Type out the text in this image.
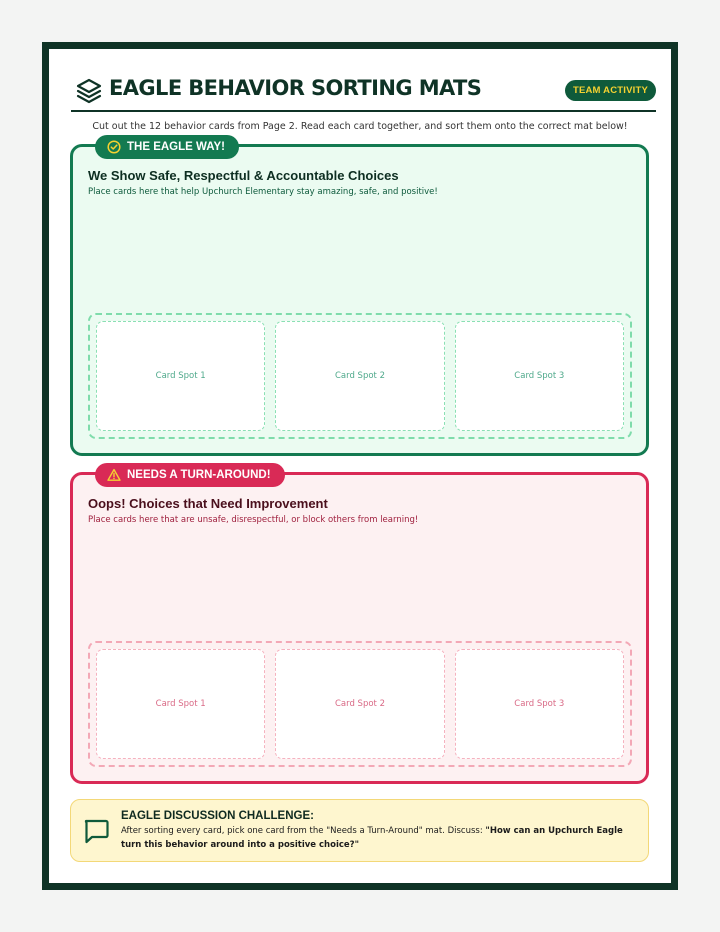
EAGLE BEHAVIOR SORTING MATS	TEAM ACTIVITY
Cut out the 12 behavior cards from Page 2. Read each card together, and sort them onto the correct mat below!
THE EAGLE WAY!
We Show Safe, Respectful & Accountable Choices
Place cards here that help Upchurch Elementary stay amazing, safe, and positive!
Card Spot 1	Card Spot 2	Card Spot 3
NEEDS A TURN-AROUND!
Oops! Choices that Need Improvement
Place cards here that are unsafe, disrespectful, or block others from learning!
Card Spot 1	Card Spot 2	Card Spot 3
EAGLE DISCUSSION CHALLENGE:
After sorting every card, pick one card from the "Needs a Turn-Around" mat. Discuss: "How can an Upchurch Eagle turn this behavior around into a positive choice?"
